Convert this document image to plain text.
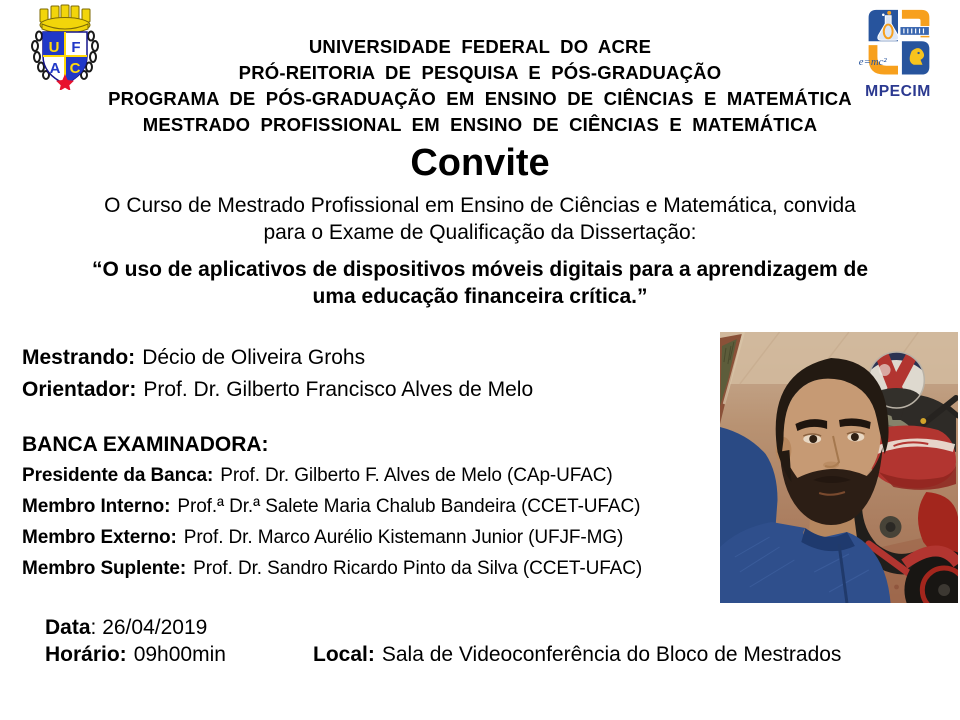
U F
A C	e=mc²
MPECIM
UNIVERSIDADE FEDERAL DO ACRE
PRÓ-REITORIA DE PESQUISA E PÓS-GRADUAÇÃO
PROGRAMA DE PÓS-GRADUAÇÃO EM ENSINO DE CIÊNCIAS E MATEMÁTICA
MESTRADO PROFISSIONAL EM ENSINO DE CIÊNCIAS E MATEMÁTICA
Convite
O Curso de Mestrado Profissional em Ensino de Ciências e Matemática, convida
para o Exame de Qualificação da Dissertação:
“O uso de aplicativos de dispositivos móveis digitais para a aprendizagem de
uma educação financeira crítica.”
Mestrando: Décio de Oliveira Grohs
Orientador: Prof. Dr. Gilberto Francisco Alves de Melo
BANCA EXAMINADORA:
Presidente da Banca: Prof. Dr. Gilberto F. Alves de Melo (CAp-UFAC)
Membro Interno: Prof.ª Dr.ª Salete Maria Chalub Bandeira (CCET-UFAC)
Membro Externo: Prof. Dr. Marco Aurélio Kistemann Junior (UFJF-MG)
Membro Suplente: Prof. Dr. Sandro Ricardo Pinto da Silva (CCET-UFAC)
Data: 26/04/2019
Horário: 09h00min	Local: Sala de Videoconferência do Bloco de Mestrados
